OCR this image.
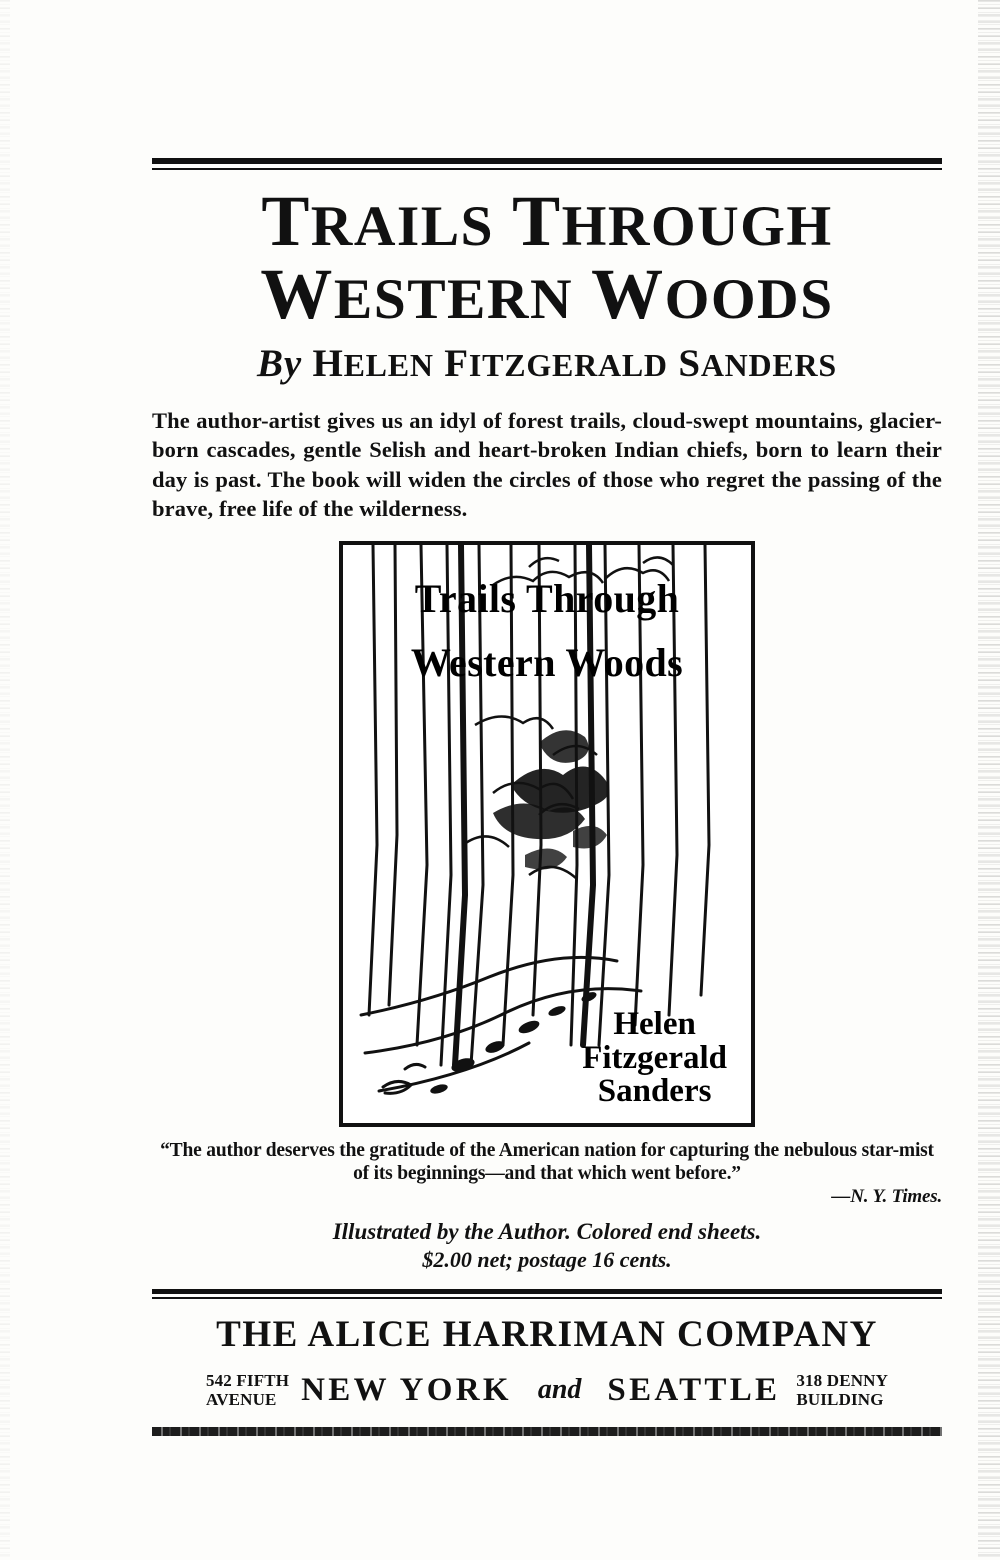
TRAILS THROUGH
WESTERN WOODS
By HELEN FITZGERALD SANDERS
The author-artist gives us an idyl of forest trails, cloud-swept mountains, glacier-born cascades, gentle Selish and heart-broken Indian chiefs, born to learn their day is past. The book will widen the circles of those who regret the passing of the brave, free life of the wilderness.
Trails Through
Western Woods
Helen
Fitzgerald
Sanders
“The author deserves the gratitude of the American nation for capturing the nebulous star-mist of its beginnings—and that which went before.”
—N. Y. Times.
Illustrated by the Author. Colored end sheets.
$2.00 net; postage 16 cents.
THE ALICE HARRIMAN COMPANY
542 FIFTH
AVENUE NEW YORK and SEATTLE 318 DENNY
BUILDING
